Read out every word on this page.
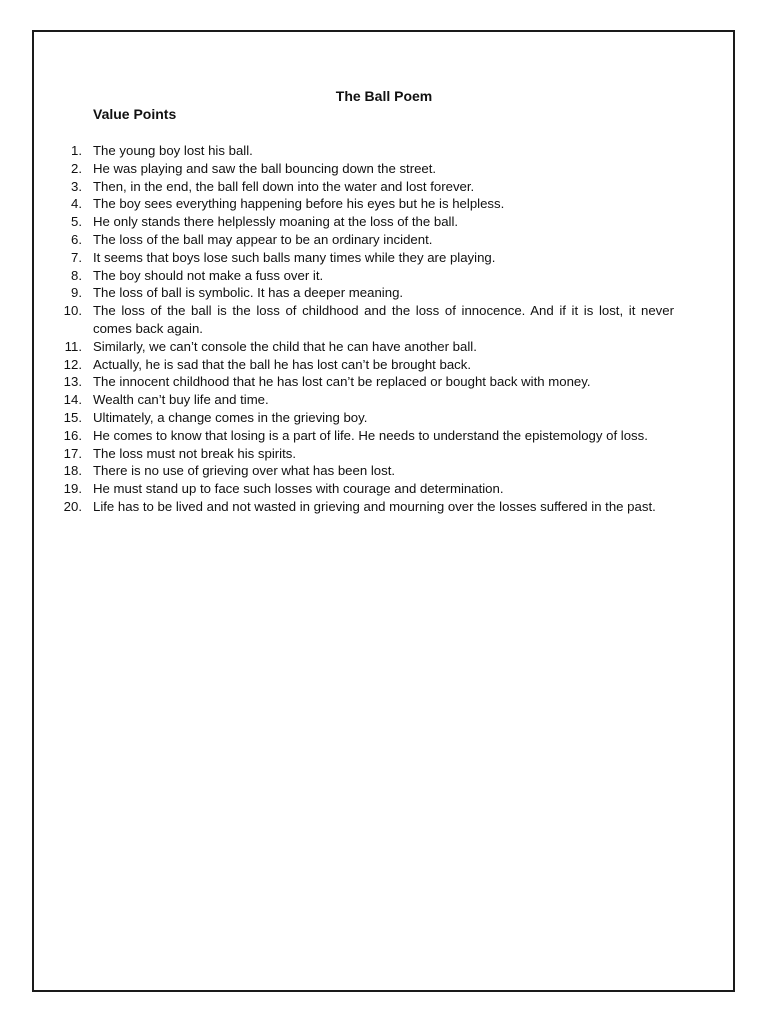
The Ball Poem
Value Points
1. The young boy lost his ball.
2. He was playing and saw the ball bouncing down the street.
3. Then, in the end, the ball fell down into the water and lost forever.
4. The boy sees everything happening before his eyes but he is helpless.
5. He only stands there helplessly moaning at the loss of the ball.
6. The loss of the ball may appear to be an ordinary incident.
7. It seems that boys lose such balls many times while they are playing.
8. The boy should not make a fuss over it.
9. The loss of ball is symbolic. It has a deeper meaning.
10. The loss of the ball is the loss of childhood and the loss of innocence. And if it is lost, it never comes back again.
11. Similarly, we can’t console the child that he can have another ball.
12. Actually, he is sad that the ball he has lost can’t be brought back.
13. The innocent childhood that he has lost can’t be replaced or bought back with money.
14. Wealth can’t buy life and time.
15. Ultimately, a change comes in the grieving boy.
16. He comes to know that losing is a part of life. He needs to understand the epistemology of loss.
17. The loss must not break his spirits.
18. There is no use of grieving over what has been lost.
19. He must stand up to face such losses with courage and determination.
20. Life has to be lived and not wasted in grieving and mourning over the losses suffered in the past.
